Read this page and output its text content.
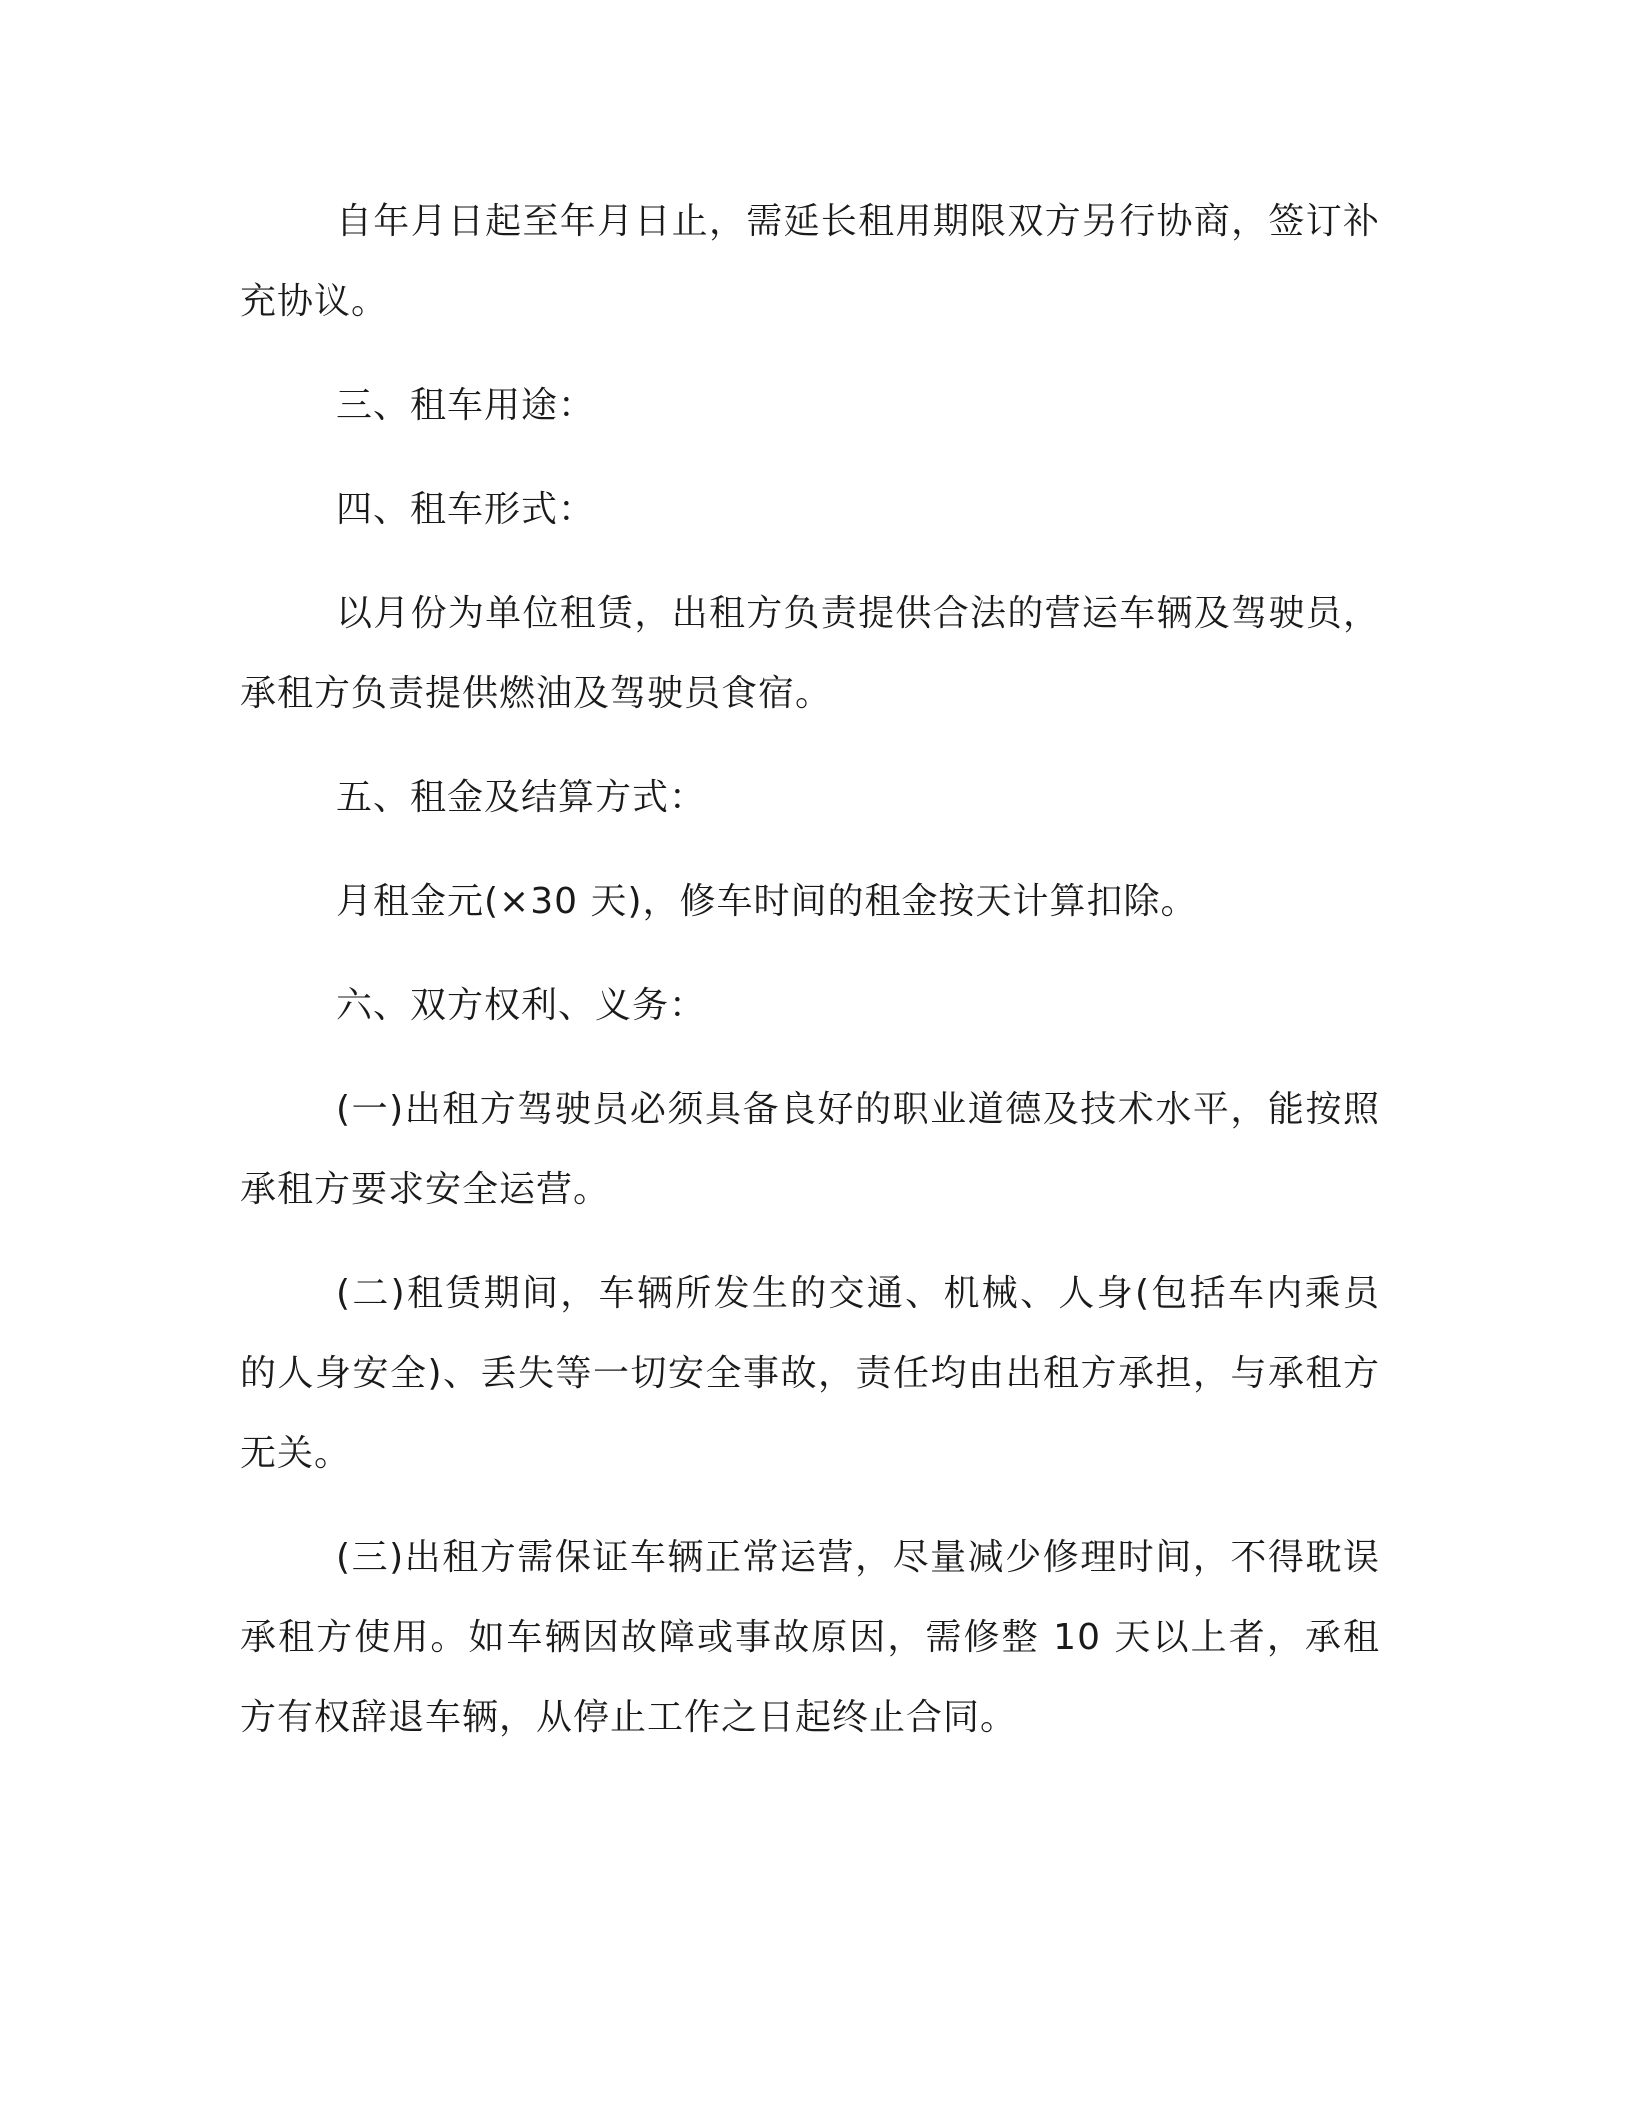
自年月日起至年月日止，需延长租用期限双方另行协商，签订补充协议。

三、租车用途：

四、租车形式：

以月份为单位租赁，出租方负责提供合法的营运车辆及驾驶员，承租方负责提供燃油及驾驶员食宿。

五、租金及结算方式：

月租金元(×30 天)，修车时间的租金按天计算扣除。

六、双方权利、义务：

(一)出租方驾驶员必须具备良好的职业道德及技术水平，能按照承租方要求安全运营。

(二)租赁期间，车辆所发生的交通、机械、人身(包括车内乘员的人身安全)、丢失等一切安全事故，责任均由出租方承担，与承租方无关。

(三)出租方需保证车辆正常运营，尽量减少修理时间，不得耽误承租方使用。如车辆因故障或事故原因，需修整 10 天以上者，承租方有权辞退车辆，从停止工作之日起终止合同。
